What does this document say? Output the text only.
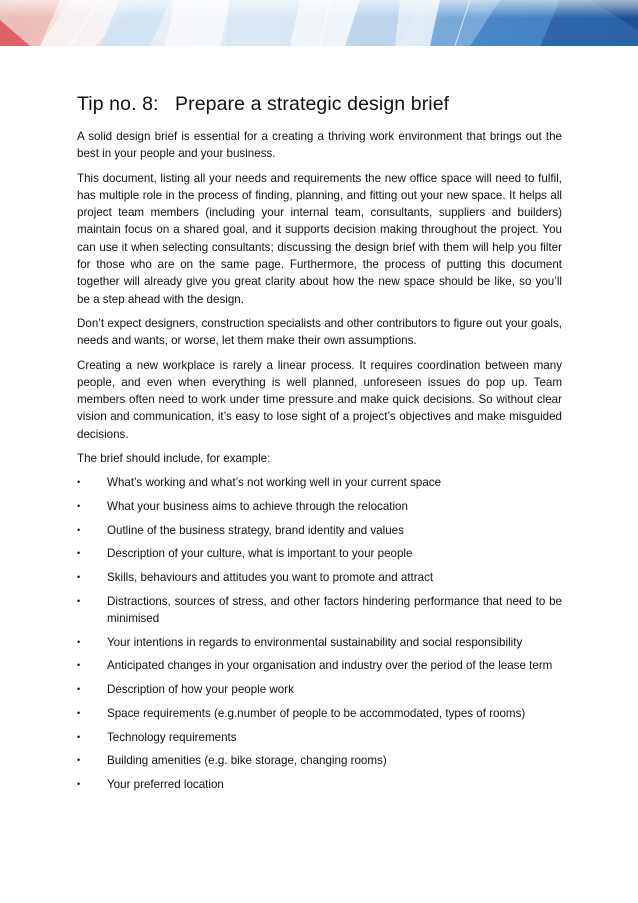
Tip no. 8: Prepare a strategic design brief

A solid design brief is essential for a creating a thriving work environment that brings out the best in your people and your business.

This document, listing all your needs and requirements the new office space will need to fulfil, has multiple role in the process of finding, planning, and fitting out your new space. It helps all project team members (including your internal team, consultants, suppliers and builders) maintain focus on a shared goal, and it supports decision making throughout the project. You can use it when selecting consultants; discussing the design brief with them will help you filter for those who are on the same page. Furthermore, the process of putting this document together will already give you great clarity about how the new space should be like, so you’ll be a step ahead with the design.

Don’t expect designers, construction specialists and other contributors to figure out your goals, needs and wants, or worse, let them make their own assumptions.

Creating a new workplace is rarely a linear process. It requires coordination between many people, and even when everything is well planned, unforeseen issues do pop up. Team members often need to work under time pressure and make quick decisions. So without clear vision and communication, it’s easy to lose sight of a project’s objectives and make misguided decisions.

The brief should include, for example:

•	What’s working and what’s not working well in your current space
•	What your business aims to achieve through the relocation
•	Outline of the business strategy, brand identity and values
•	Description of your culture, what is important to your people
•	Skills, behaviours and attitudes you want to promote and attract
•	Distractions, sources of stress, and other factors hindering performance that need to be minimised
•	Your intentions in regards to environmental sustainability and social responsibility
•	Anticipated changes in your organisation and industry over the period of the lease term
•	Description of how your people work
•	Space requirements (e.g.number of people to be accommodated, types of rooms)
•	Technology requirements
•	Building amenities (e.g. bike storage, changing rooms)
•	Your preferred location
